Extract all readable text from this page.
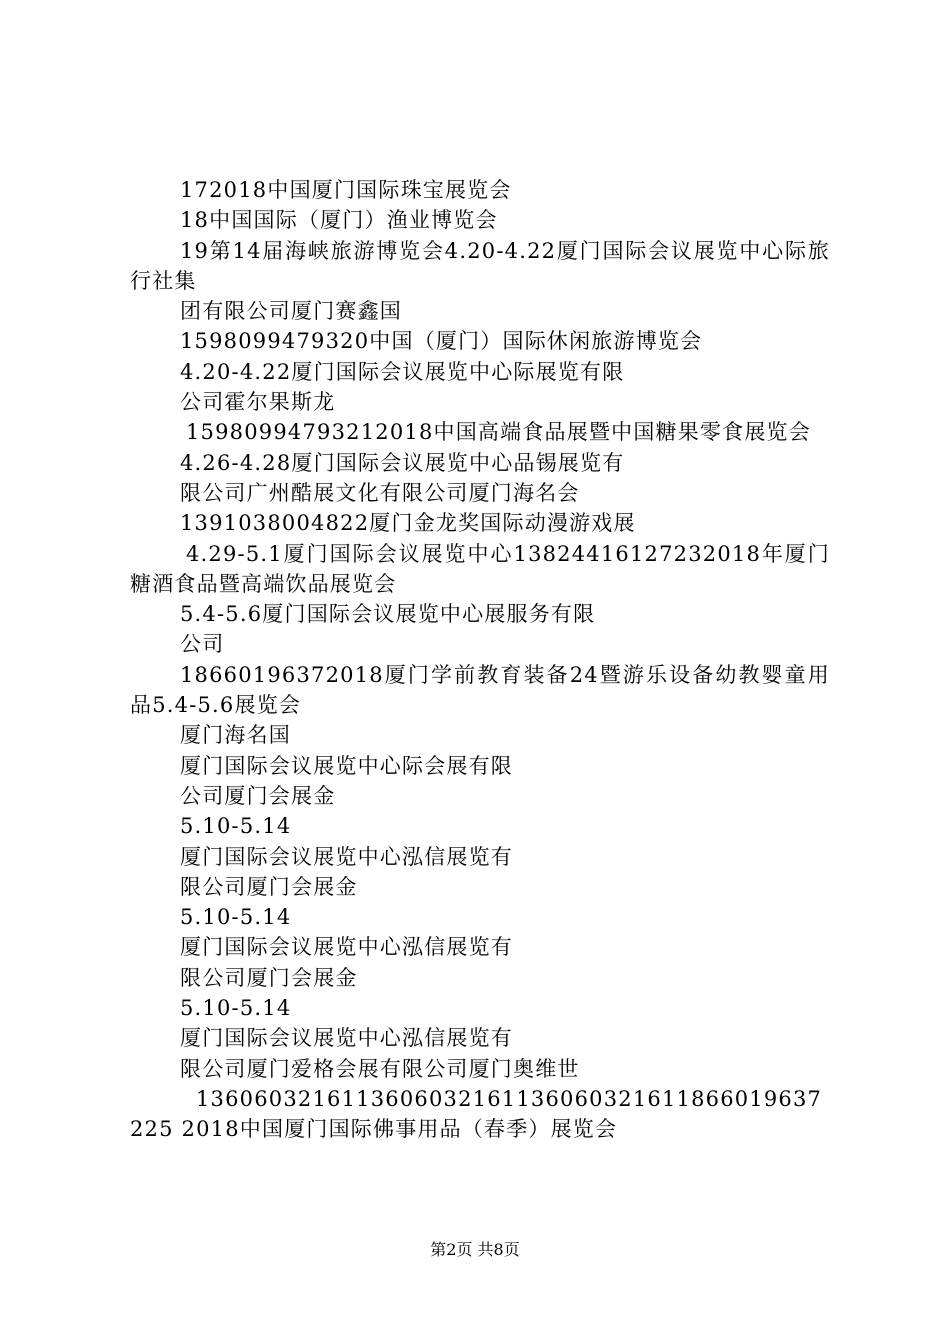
172018中国厦门国际珠宝展览会

18中国国际（厦门）渔业博览会

19第14届海峡旅游博览会4.20-4.22厦门国际会议展览中心际旅行社集

团有限公司厦门赛鑫国

1598099479320中国（厦门）国际休闲旅游博览会

4.20-4.22厦门国际会议展览中心际展览有限

公司霍尔果斯龙

15980994793212018中国高端食品展暨中国糖果零食展览会

4.26-4.28厦门国际会议展览中心品锡展览有

限公司广州酷展文化有限公司厦门海名会

1391038004822厦门金龙奖国际动漫游戏展

4.29-5.1厦门国际会议展览中心13824416127232018年厦门糖酒食品暨高端饮品展览会

5.4-5.6厦门国际会议展览中心展服务有限

公司

18660196372018厦门学前教育装备24暨游乐设备幼教婴童用品5.4-5.6展览会

厦门海名国

厦门国际会议展览中心际会展有限

公司厦门会展金

5.10-5.14

厦门国际会议展览中心泓信展览有

限公司厦门会展金

5.10-5.14

厦门国际会议展览中心泓信展览有

限公司厦门会展金

5.10-5.14

厦门国际会议展览中心泓信展览有

限公司厦门爱格会展有限公司厦门奥维世

1360603216113606032161136060321611866019637225 2018中国厦门国际佛事用品（春季）展览会

第2页 共8页
